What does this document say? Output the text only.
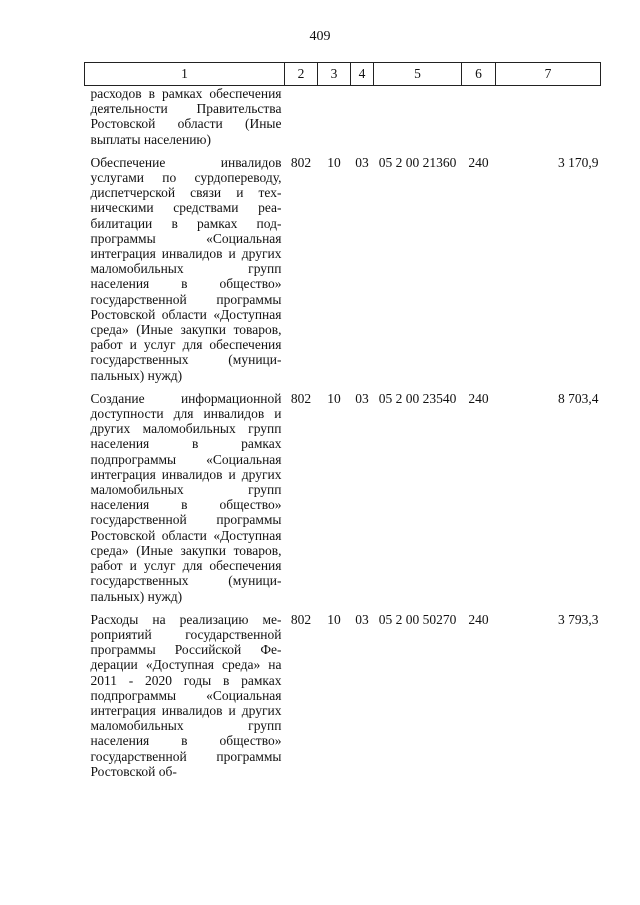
409
1	2	3	4	5	6	7
расходов в рамках обеспечения деятельности Правительства Ростовской области (Иные выплаты населению)						
Обеспечение инвалидов услугами по сурдопереводу, диспетчерской связи и техническими средствами реабилитации в рамках подпрограммы «Социальная интеграция инвалидов и других маломобильных групп населения в общество» государственной программы Ростовской области «Доступная среда» (Иные закупки товаров, работ и услуг для обеспечения государственных (муниципальных) нужд)	802	10	03	05 2 00 21360	240	3 170,9
Создание информационной доступности для инвалидов и других маломобильных групп населения в рамках подпрограммы «Социальная интеграция инвалидов и других маломобильных групп населения в общество» государственной программы Ростовской области «Доступная среда» (Иные закупки товаров, работ и услуг для обеспечения государственных (муниципальных) нужд)	802	10	03	05 2 00 23540	240	8 703,4
Расходы на реализацию мероприятий государственной программы Российской Федерации «Доступная среда» на 2011 - 2020 годы в рамках подпрограммы «Социальная интеграция инвалидов и других маломобильных групп населения в общество» государственной программы Ростовской об-	802	10	03	05 2 00 50270	240	3 793,3
